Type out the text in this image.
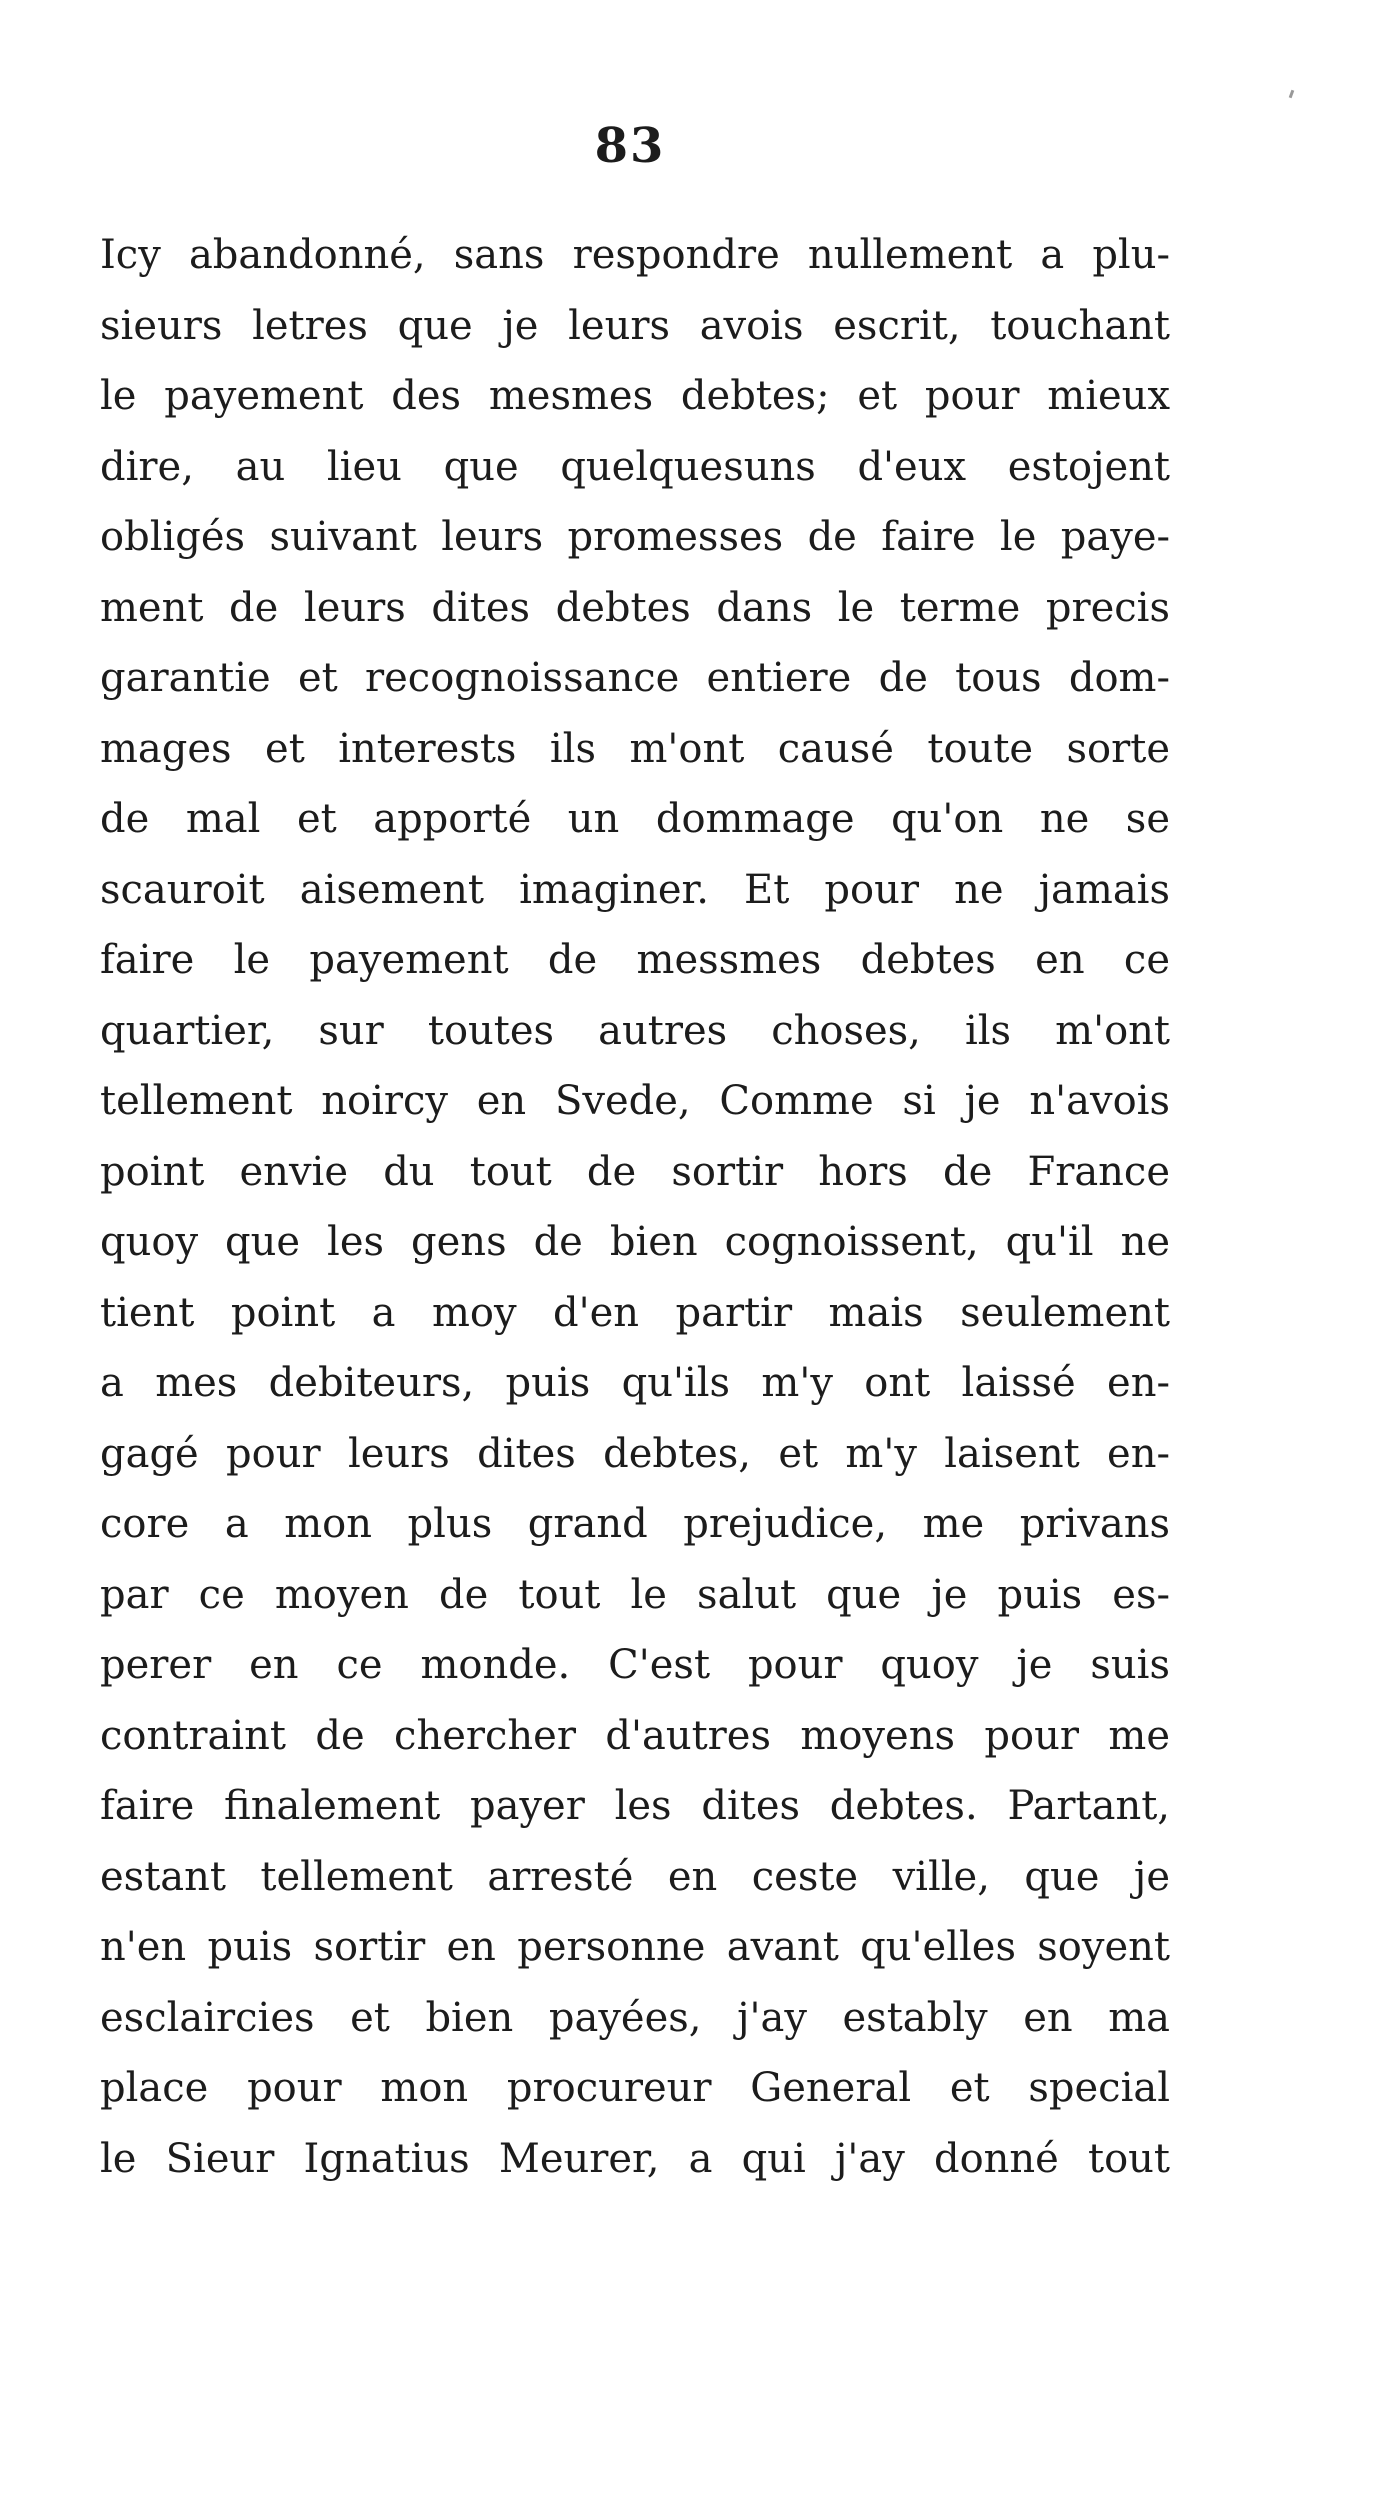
83
Icy abandonné, sans respondre nullement a plu-
sieurs letres que je leurs avois escrit, touchant
le payement des mesmes debtes; et pour mieux
dire, au lieu que quelquesuns d'eux estojent
obligés suivant leurs promesses de faire le paye-
ment de leurs dites debtes dans le terme precis
garantie et recognoissance entiere de tous dom-
mages et interests ils m'ont causé toute sorte
de mal et apporté un dommage qu'on ne se
scauroit aisement imaginer. Et pour ne jamais
faire le payement de messmes debtes en ce
quartier, sur toutes autres choses, ils m'ont
tellement noircy en Svede, Comme si je n'avois
point envie du tout de sortir hors de France
quoy que les gens de bien cognoissent, qu'il ne
tient point a moy d'en partir mais seulement
a mes debiteurs, puis qu'ils m'y ont laissé en-
gagé pour leurs dites debtes, et m'y laisent en-
core a mon plus grand prejudice, me privans
par ce moyen de tout le salut que je puis es-
perer en ce monde. C'est pour quoy je suis
contraint de chercher d'autres moyens pour me
faire finalement payer les dites debtes. Partant,
estant tellement arresté en ceste ville, que je
n'en puis sortir en personne avant qu'elles soyent
esclaircies et bien payées, j'ay estably en ma
place pour mon procureur General et special
le Sieur Ignatius Meurer, a qui j'ay donné tout
